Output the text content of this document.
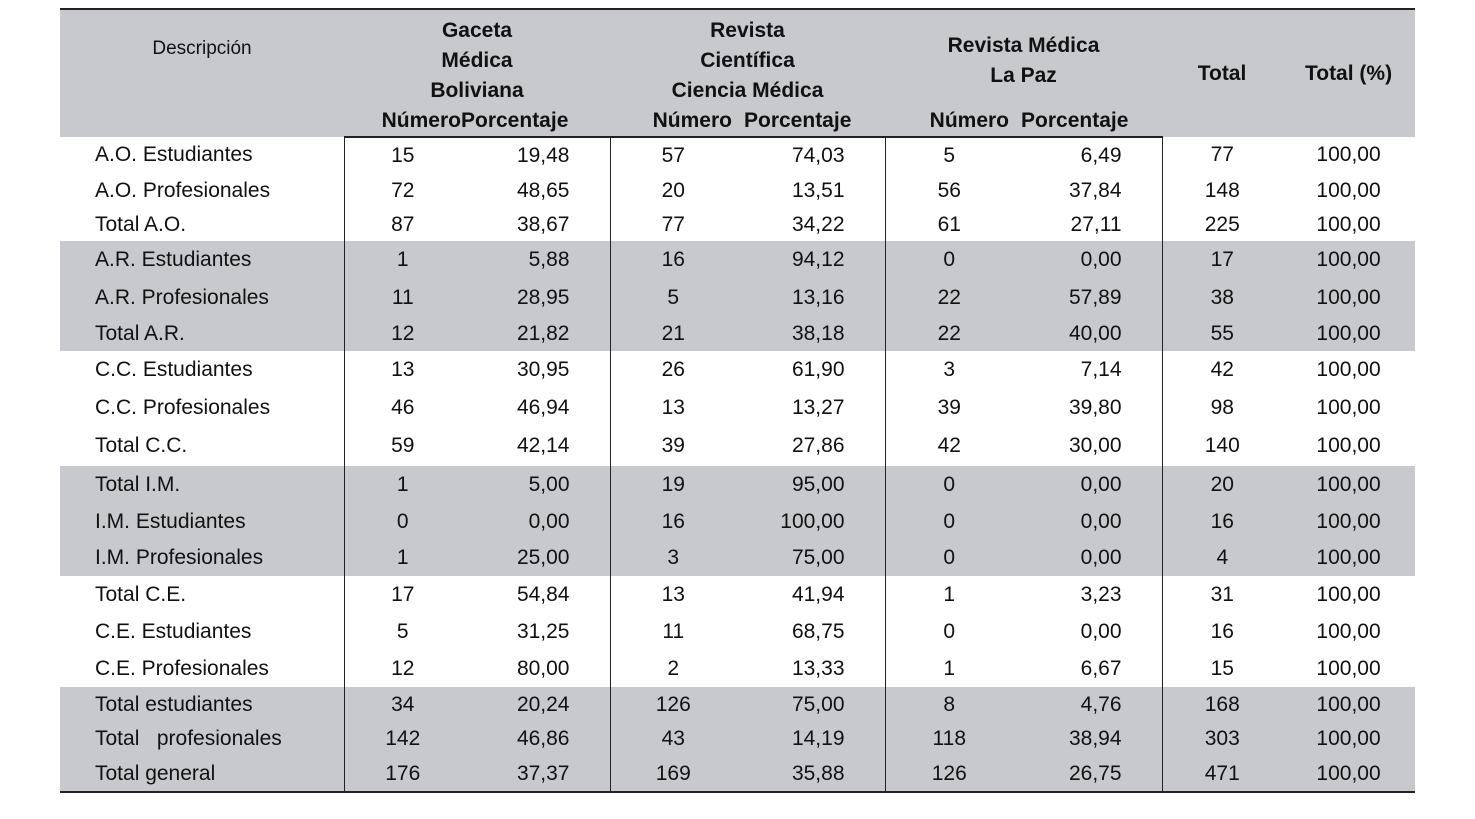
Descripción	Gaceta Médica Boliviana		Revista Científica Ciencia Médica		Revista Médica La Paz		Total	Total (%)
	Número	Porcentaje	Número	Porcentaje	Número	Porcentaje		
A.O. Estudiantes	15	19,48	57	74,03	5	6,49	77	100,00
A.O. Profesionales	72	48,65	20	13,51	56	37,84	148	100,00
Total A.O.	87	38,67	77	34,22	61	27,11	225	100,00
A.R. Estudiantes	1	5,88	16	94,12	0	0,00	17	100,00
A.R. Profesionales	11	28,95	5	13,16	22	57,89	38	100,00
Total A.R.	12	21,82	21	38,18	22	40,00	55	100,00
C.C. Estudiantes	13	30,95	26	61,90	3	7,14	42	100,00
C.C. Profesionales	46	46,94	13	13,27	39	39,80	98	100,00
Total C.C.	59	42,14	39	27,86	42	30,00	140	100,00
Total I.M.	1	5,00	19	95,00	0	0,00	20	100,00
I.M. Estudiantes	0	0,00	16	100,00	0	0,00	16	100,00
I.M. Profesionales	1	25,00	3	75,00	0	0,00	4	100,00
Total C.E.	17	54,84	13	41,94	1	3,23	31	100,00
C.E. Estudiantes	5	31,25	11	68,75	0	0,00	16	100,00
C.E. Profesionales	12	80,00	2	13,33	1	6,67	15	100,00
Total estudiantes	34	20,24	126	75,00	8	4,76	168	100,00
Total   profesionales	142	46,86	43	14,19	118	38,94	303	100,00
Total general	176	37,37	169	35,88	126	26,75	471	100,00
